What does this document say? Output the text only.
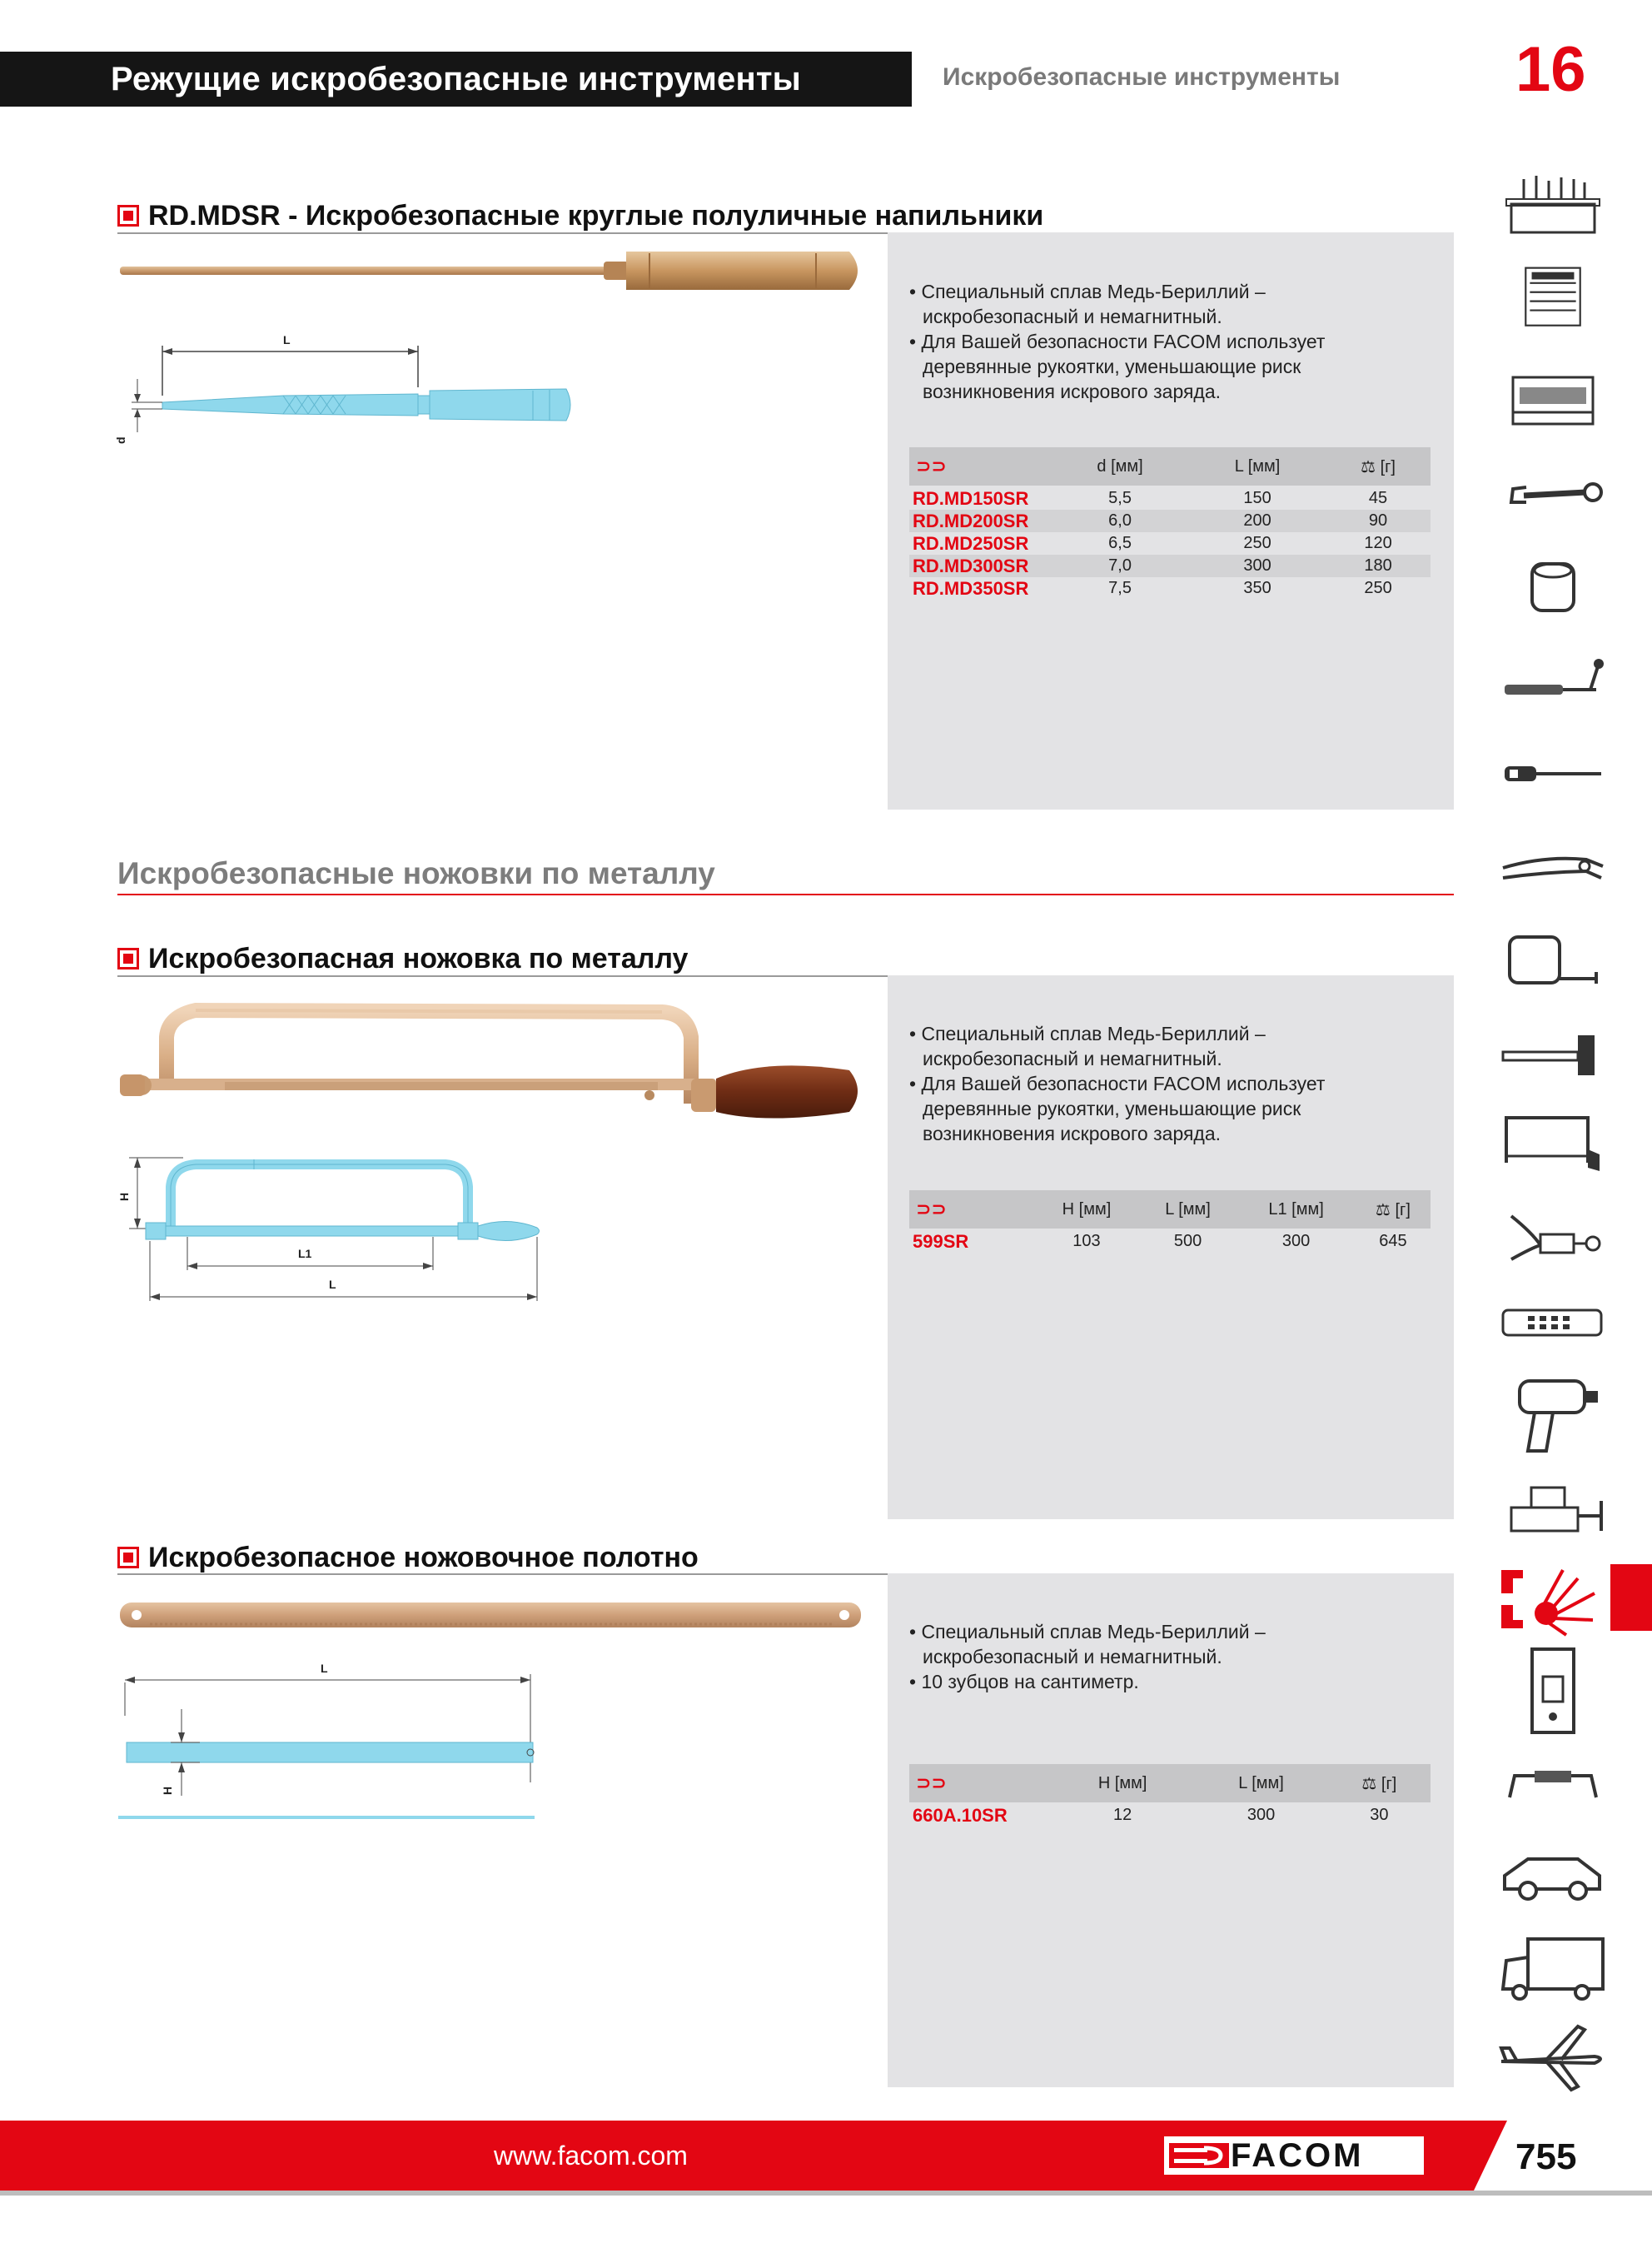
Режущие искробезопасные инструменты	Искробезопасные инструменты	16
RD.MDSR - Искробезопасные круглые полуличные напильники
L
d
• Специальный сплав Медь-Бериллий – искробезопасный и немагнитный.
• Для Вашей безопасности FACOM использует деревянные рукоятки, уменьшающие риск возникновения искрового заряда.
⊃⊃	d [мм]	L [мм]	⚖ [г]
RD.MD150SR	5,5	150	45
RD.MD200SR	6,0	200	90
RD.MD250SR	6,5	250	120
RD.MD300SR	7,0	300	180
RD.MD350SR	7,5	350	250
Искробезопасные ножовки по металлу
Искробезопасная ножовка по металлу
H
L1
L
• Специальный сплав Медь-Бериллий – искробезопасный и немагнитный.
• Для Вашей безопасности FACOM использует деревянные рукоятки, уменьшающие риск возникновения искрового заряда.
⊃⊃	H [мм]	L [мм]	L1 [мм]	⚖ [г]
599SR	103	500	300	645
Искробезопасное ножовочное полотно
L
H
• Специальный сплав Медь-Бериллий – искробезопасный и немагнитный.
• 10 зубцов на сантиметр.
⊃⊃	H [мм]	L [мм]	⚖ [г]
660A.10SR	12	300	30
www.facom.com	FACOM	755
